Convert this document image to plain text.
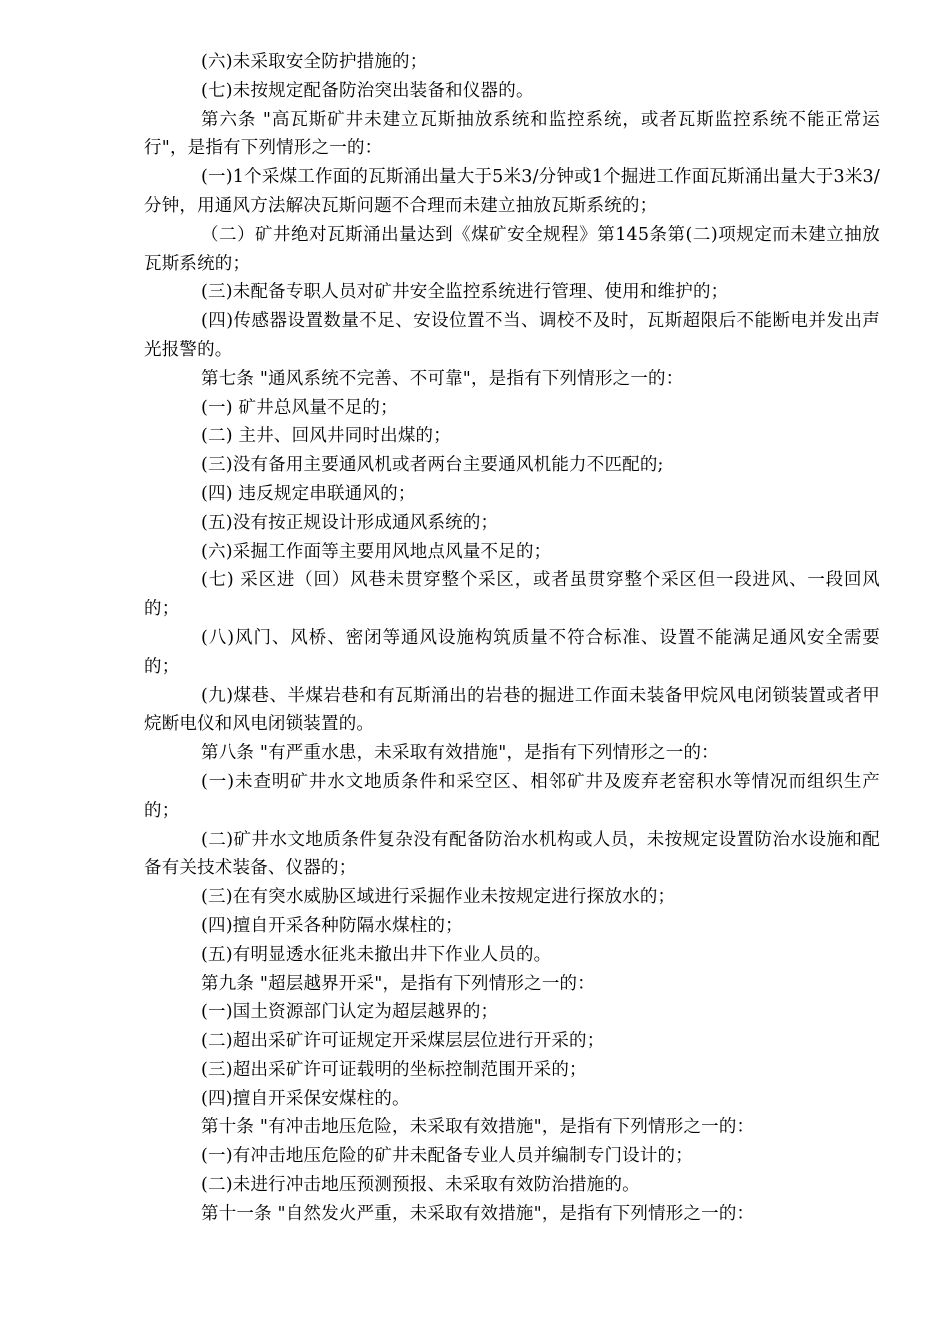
(六)未采取安全防护措施的；

(七)未按规定配备防治突出装备和仪器的。

第六条 "高瓦斯矿井未建立瓦斯抽放系统和监控系统，或者瓦斯监控系统不能正常运行"，是指有下列情形之一的：

(一)1个采煤工作面的瓦斯涌出量大于5米3/分钟或1个掘进工作面瓦斯涌出量大于3米3/分钟，用通风方法解决瓦斯问题不合理而未建立抽放瓦斯系统的；

（二）矿井绝对瓦斯涌出量达到《煤矿安全规程》第145条第(二)项规定而未建立抽放瓦斯系统的；

(三)未配备专职人员对矿井安全监控系统进行管理、使用和维护的；

(四)传感器设置数量不足、安设位置不当、调校不及时，瓦斯超限后不能断电并发出声光报警的。

第七条 "通风系统不完善、不可靠"，是指有下列情形之一的：

(一) 矿井总风量不足的；

(二) 主井、回风井同时出煤的；

(三)没有备用主要通风机或者两台主要通风机能力不匹配的;

(四) 违反规定串联通风的；

(五)没有按正规设计形成通风系统的；

(六)采掘工作面等主要用风地点风量不足的；

(七) 采区进（回）风巷未贯穿整个采区，或者虽贯穿整个采区但一段进风、一段回风的；

(八)风门、风桥、密闭等通风设施构筑质量不符合标准、设置不能满足通风安全需要的；

(九)煤巷、半煤岩巷和有瓦斯涌出的岩巷的掘进工作面未装备甲烷风电闭锁装置或者甲烷断电仪和风电闭锁装置的。

第八条 "有严重水患，未采取有效措施"，是指有下列情形之一的：

(一)未查明矿井水文地质条件和采空区、相邻矿井及废弃老窑积水等情况而组织生产的；

(二)矿井水文地质条件复杂没有配备防治水机构或人员，未按规定设置防治水设施和配备有关技术装备、仪器的；

(三)在有突水威胁区域进行采掘作业未按规定进行探放水的；

(四)擅自开采各种防隔水煤柱的；

(五)有明显透水征兆未撤出井下作业人员的。

第九条 "超层越界开采"，是指有下列情形之一的：

(一)国土资源部门认定为超层越界的；

(二)超出采矿许可证规定开采煤层层位进行开采的；

(三)超出采矿许可证载明的坐标控制范围开采的；

(四)擅自开采保安煤柱的。

第十条 "有冲击地压危险，未采取有效措施"，是指有下列情形之一的：

(一)有冲击地压危险的矿井未配备专业人员并编制专门设计的；

(二)未进行冲击地压预测预报、未采取有效防治措施的。

第十一条 "自然发火严重，未采取有效措施"，是指有下列情形之一的：
